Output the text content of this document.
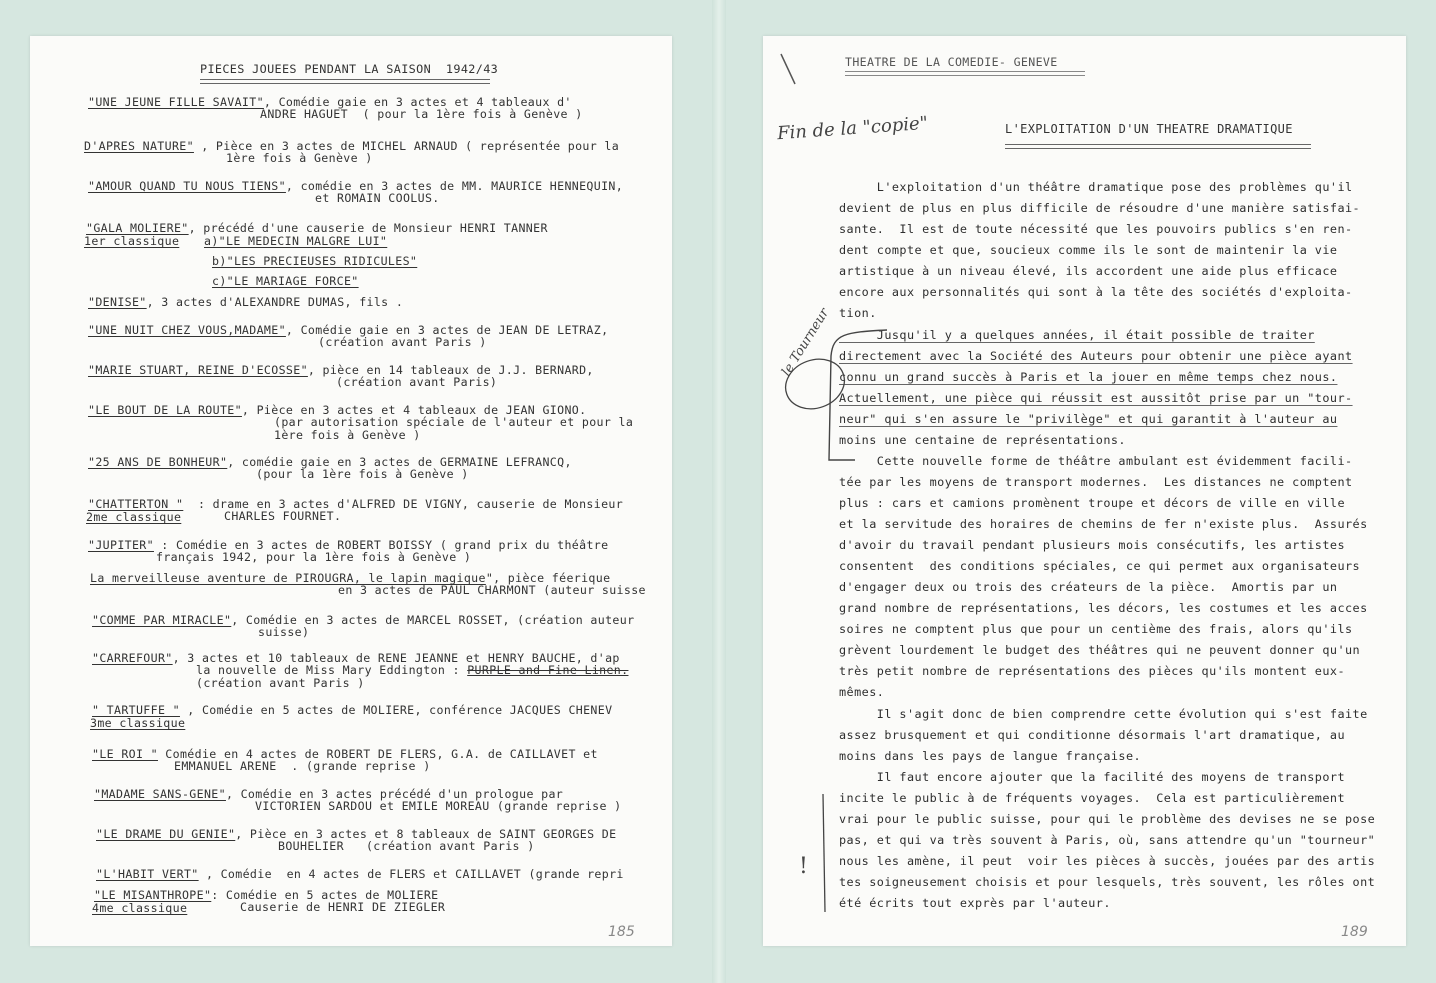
PIECES JOUEES PENDANT LA SAISON  1942/43
"UNE JEUNE FILLE SAVAIT" , Comédie gaie en 3 actes et 4 tableaux d'
ANDRE HAGUET  ( pour la 1ère fois à Genève )
D'APRES NATURE" , Pièce en 3 actes de MICHEL ARNAUD ( représentée pour la
1ère fois à Genève )
"AMOUR QUAND TU NOUS TIENS" , comédie en 3 actes de MM. MAURICE HENNEQUIN,
et ROMAIN COOLUS.
"GALA MOLIERE" , précédé d'une causerie de Monsieur HENRI TANNER
1er classique a)"LE MEDECIN MALGRE LUI"
b)"LES PRECIEUSES RIDICULES"
c)"LE MARIAGE FORCE"
"DENISE" , 3 actes d'ALEXANDRE DUMAS, fils .
"UNE NUIT CHEZ VOUS,MADAME" , Comédie gaie en 3 actes de JEAN DE LETRAZ,
(création avant Paris )
"MARIE STUART, REINE D'ECOSSE" , pièce en 14 tableaux de J.J. BERNARD,
(création avant Paris)
"LE BOUT DE LA ROUTE" , Pièce en 3 actes et 4 tableaux de JEAN GIONO.
(par autorisation spéciale de l'auteur et pour la
1ère fois à Genève )
"25 ANS DE BONHEUR" , comédie gaie en 3 actes de GERMAINE LEFRANCQ,
(pour la 1ère fois à Genève )
"CHATTERTON " : drame en 3 actes d'ALFRED DE VIGNY, causerie de Monsieur
2me classique	CHARLES FOURNET.
"JUPITER" : Comédie en 3 actes de ROBERT BOISSY ( grand prix du théâtre
français 1942, pour la 1ère fois à Genève )
La merveilleuse aventure de PIROUGRA, le lapin magique ", pièce féerique
en 3 actes de PAUL CHARMONT (auteur suisse
"COMME PAR MIRACLE" , Comédie en 3 actes de MARCEL ROSSET, (création auteur
suisse)
"CARREFOUR" , 3 actes et 10 tableaux de RENE JEANNE et HENRY BAUCHE, d'ap
la nouvelle de Miss Mary Eddington : PURPLE and Fine Linen.
(création avant Paris )
" TARTUFFE " , Comédie en 5 actes de MOLIERE, conférence JACQUES CHENEV
3me classique
"LE ROI " Comédie en 4 actes de ROBERT DE FLERS, G.A. de CAILLAVET et
EMMANUEL ARENE  . (grande reprise )
"MADAME SANS-GENE" , Comédie en 3 actes précédé d'un prologue par
VICTORIEN SARDOU et EMILE MOREAU (grande reprise )
"LE DRAME DU GENIE" , Pièce en 3 actes et 8 tableaux de SAINT GEORGES DE
BOUHELIER   (création avant Paris )
"L'HABIT VERT" , Comédie  en 4 actes de FLERS et CAILLAVET (grande repri
"LE MISANTHROPE" : Comédie en 5 actes de MOLIERE
4me classique	Causerie de HENRI DE ZIEGLER
185
THEATRE DE LA COMEDIE- GENEVE
Fin de la "copie"	L'EXPLOITATION D'UN THEATRE DRAMATIQUE
L'exploitation d'un théâtre dramatique pose des problèmes qu'il
devient de plus en plus difficile de résoudre d'une manière satisfai-
sante.  Il est de toute nécessité que les pouvoirs publics s'en ren-
dent compte et que, soucieux comme ils le sont de maintenir la vie
artistique à un niveau élevé, ils accordent une aide plus efficace
encore aux personnalités qui sont à la tête des sociétés d'exploita-
tion.
Jusqu'il y a quelques années, il était possible de traiter
directement avec la Société des Auteurs pour obtenir une pièce ayant
connu un grand succès à Paris et la jouer en même temps chez nous.
Actuellement, une pièce qui réussit est aussitôt prise par un "tour-
neur" qui s'en assure le "privilège" et qui garantit à l'auteur au
moins une centaine de représentations.
Cette nouvelle forme de théâtre ambulant est évidemment facili-
tée par les moyens de transport modernes.  Les distances ne comptent
plus : cars et camions promènent troupe et décors de ville en ville
et la servitude des horaires de chemins de fer n'existe plus.  Assurés
d'avoir du travail pendant plusieurs mois consécutifs, les artistes
consentent  des conditions spéciales, ce qui permet aux organisateurs
d'engager deux ou trois des créateurs de la pièce.  Amortis par un
grand nombre de représentations, les décors, les costumes et les acces
soires ne comptent plus que pour un centième des frais, alors qu'ils
grèvent lourdement le budget des théâtres qui ne peuvent donner qu'un
très petit nombre de représentations des pièces qu'ils montent eux-
mêmes.
Il s'agit donc de bien comprendre cette évolution qui s'est faite
assez brusquement et qui conditionne désormais l'art dramatique, au
moins dans les pays de langue française.
Il faut encore ajouter que la facilité des moyens de transport
incite le public à de fréquents voyages.  Cela est particulièrement
vrai pour le public suisse, pour qui le problème des devises ne se pose
pas, et qui va très souvent à Paris, où, sans attendre qu'un "tourneur"
nous les amène, il peut  voir les pièces à succès, jouées par des artis
tes soigneusement choisis et pour lesquels, très souvent, les rôles ont
été écrits tout exprès par l'auteur.
le Tourneur
!
189
